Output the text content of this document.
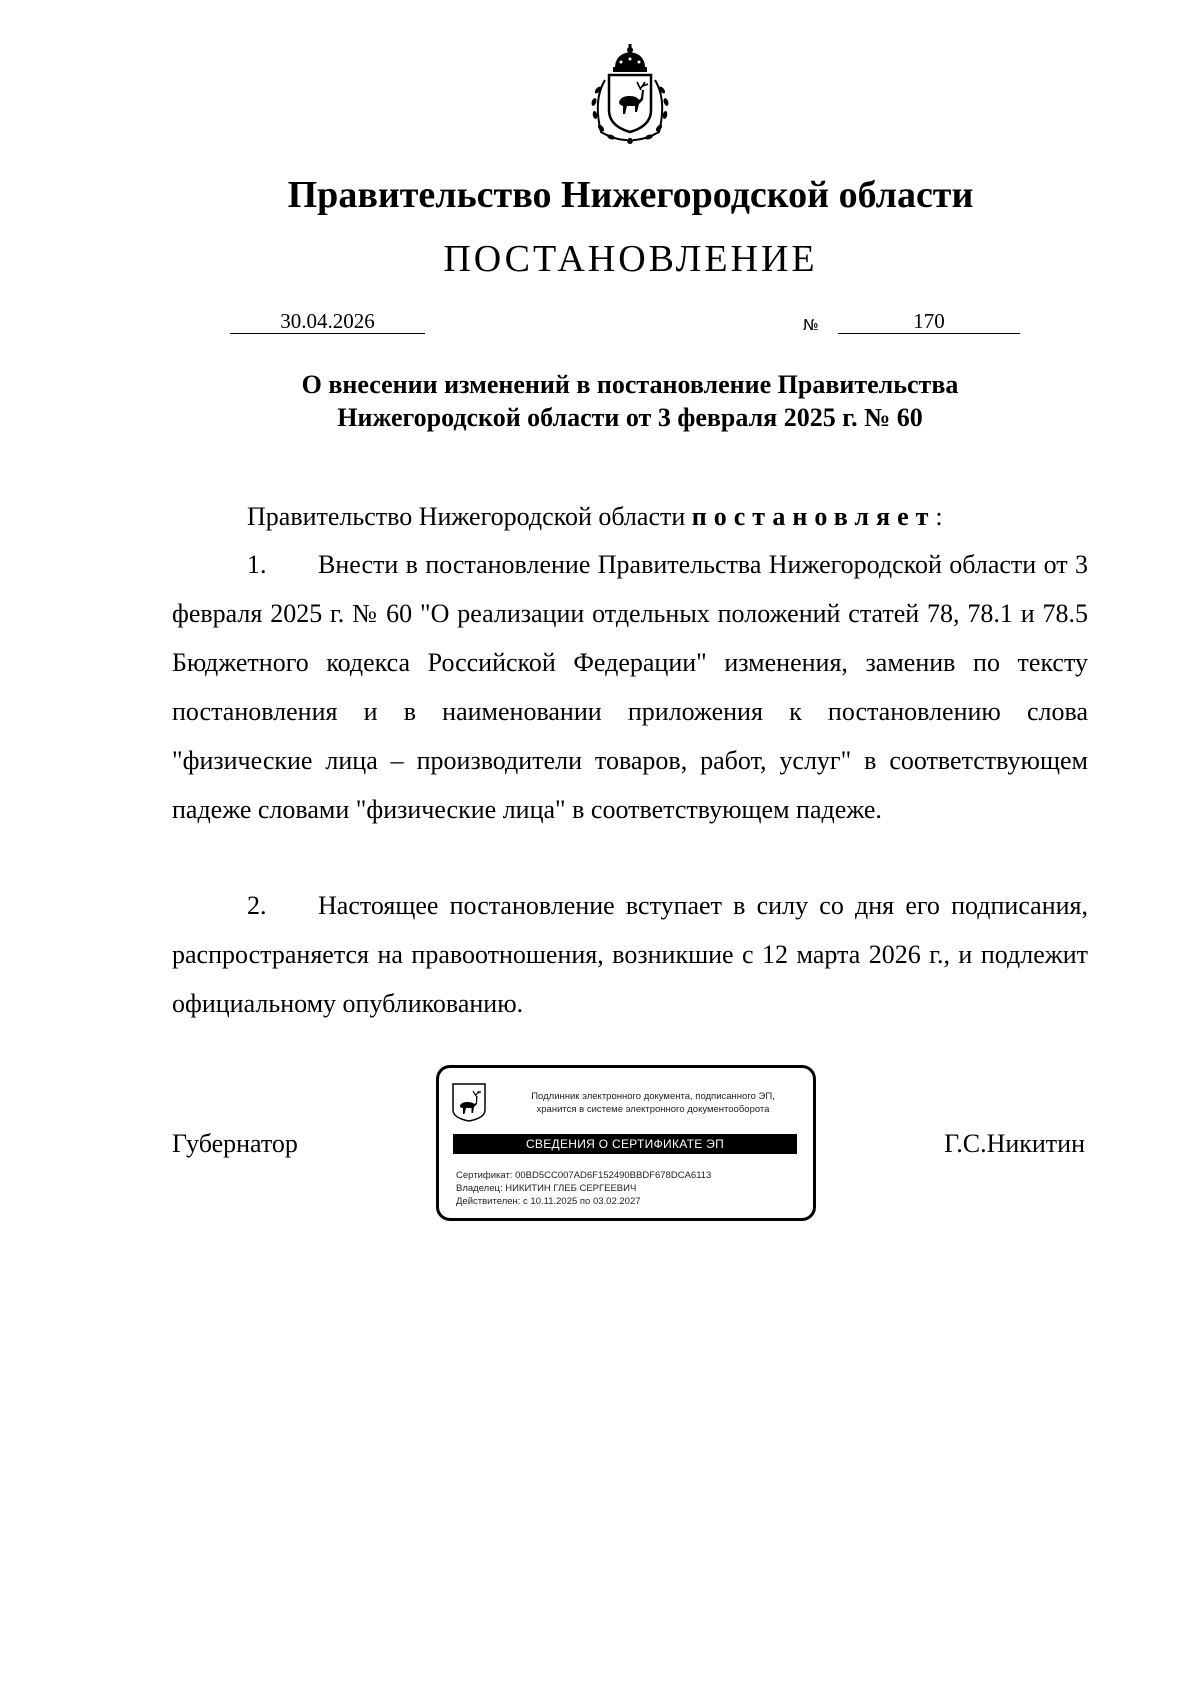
Правительство Нижегородской области
ПОСТАНОВЛЕНИЕ
30.04.2026	№	170
О внесении изменений в постановление Правительства
Нижегородской области от 3 февраля 2025 г. № 60
Правительство Нижегородской области постановляет:
1. Внести в постановление Правительства Нижегородской области от 3 февраля 2025 г. № 60 "О реализации отдельных положений статей 78, 78.1 и 78.5 Бюджетного кодекса Российской Федерации" изменения, заменив по тексту постановления и в наименовании приложения к постановлению слова "физические лица – производители товаров, работ, услуг" в соответствующем падеже словами "физические лица" в соответствующем падеже.
2. Настоящее постановление вступает в силу со дня его подписания, распространяется на правоотношения, возникшие с 12 марта 2026 г., и подлежит официальному опубликованию.
Губернатор	Г.С.Никитин
Подлинник электронного документа, подписанного ЭП,
хранится в системе электронного документооборота
СВЕДЕНИЯ О СЕРТИФИКАТЕ ЭП
Сертификат: 00BD5CC007AD6F152490BBDF678DCA6113
Владелец: НИКИТИН ГЛЕБ СЕРГЕЕВИЧ
Действителен: с 10.11.2025 по 03.02.2027
